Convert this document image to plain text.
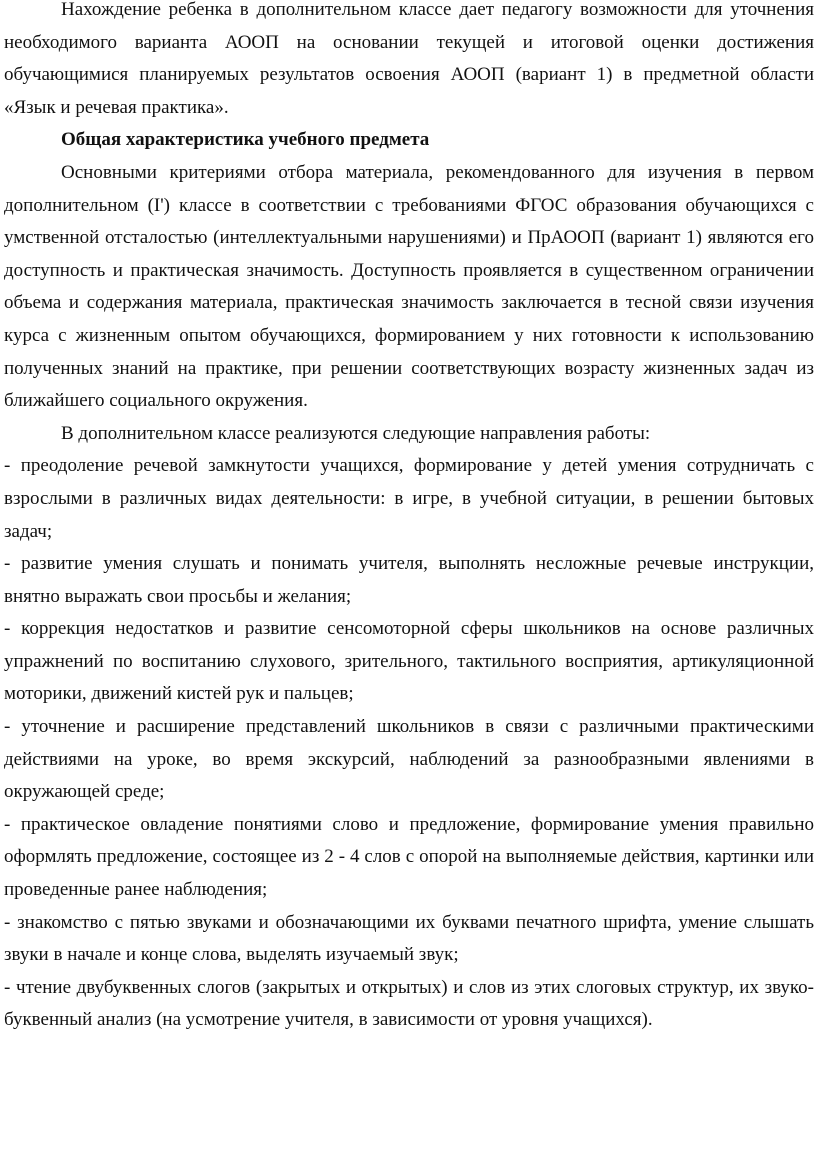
Нахождение ребенка в дополнительном классе дает педагогу возможности для уточнения необходимого варианта АООП на основании текущей и итоговой оценки достижения обучающимися планируемых результатов освоения АООП (вариант 1) в предметной области «Язык и речевая практика».

Общая характеристика учебного предмета

Основными критериями отбора материала, рекомендованного для изучения в первом дополнительном (I') классе в соответствии с требованиями ФГОС образования обучающихся с умственной отсталостью (интеллектуальными нарушениями) и ПрАООП (вариант 1) являются его доступность и практическая значимость. Доступность проявляется в существенном ограничении объема и содержания материала, практическая значимость заключается в тесной связи изучения курса с жизненным опытом обучающихся, формированием у них готовности к использованию полученных знаний на практике, при решении соответствующих возрасту жизненных задач из ближайшего социального окружения.

В дополнительном классе реализуются следующие направления работы:

- преодоление речевой замкнутости учащихся, формирование у детей умения сотрудничать с взрослыми в различных видах деятельности: в игре, в учебной ситуации, в решении бытовых задач;

- развитие умения слушать и понимать учителя, выполнять несложные речевые инструкции, внятно выражать свои просьбы и желания;

- коррекция недостатков и развитие сенсомоторной сферы школьников на основе различных упражнений по воспитанию слухового, зрительного, тактильного восприятия, артикуляционной моторики, движений кистей рук и пальцев;

- уточнение и расширение представлений школьников в связи с различными практическими действиями на уроке, во время экскурсий, наблюдений за разнообразными явлениями в окружающей среде;

- практическое овладение понятиями слово и предложение, формирование умения правильно оформлять предложение, состоящее из 2 - 4 слов с опорой на выполняемые действия, картинки или проведенные ранее наблюдения;

- знакомство с пятью звуками и обозначающими их буквами печатного шрифта, умение слышать звуки в начале и конце слова, выделять изучаемый звук;

- чтение двубуквенных слогов (закрытых и открытых) и слов из этих слоговых структур, их звуко-буквенный анализ (на усмотрение учителя, в зависимости от уровня учащихся).
